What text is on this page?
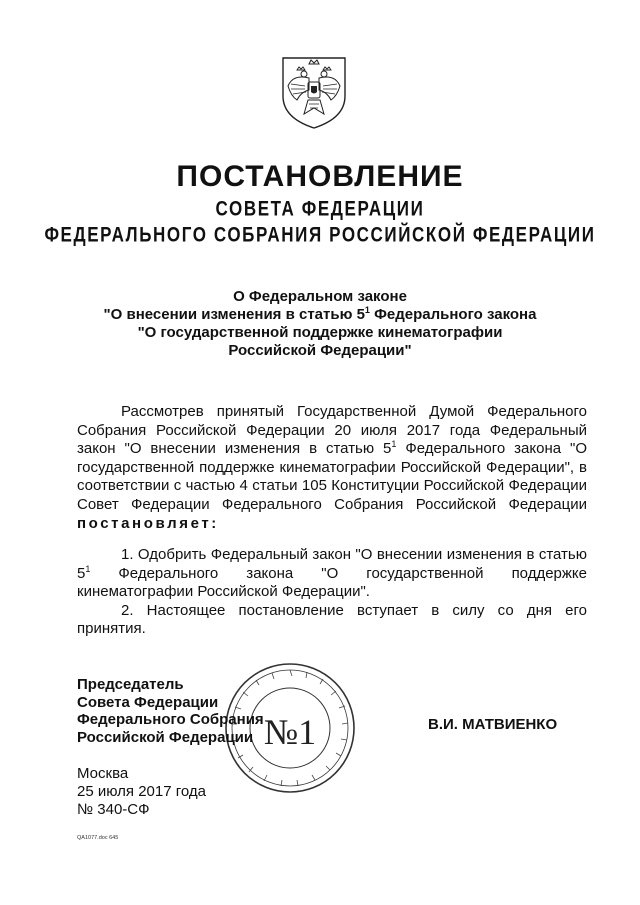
ПОСТАНОВЛЕНИЕ
СОВЕТА ФЕДЕРАЦИИ
ФЕДЕРАЛЬНОГО СОБРАНИЯ РОССИЙСКОЙ ФЕДЕРАЦИИ
О Федеральном законе
"О внесении изменения в статью $5^1$ Федерального закона
"О государственной поддержке кинематографии
Российской Федерации"

Рассмотрев принятый Государственной Думой Федерального Собрания Российской Федерации 20 июля 2017 года Федеральный закон "О внесении изменения в статью $5^1$ Федерального закона "О государственной поддержке кинематографии Российской Федерации", в соответствии с частью 4 статьи 105 Конституции Российской Федерации Совет Федерации Федерального Собрания Российской Федерации постановляет:

1. Одобрить Федеральный закон "О внесении изменения в статью $5^1$ Федерального закона "О государственной поддержке кинематографии Российской Федерации".

2. Настоящее постановление вступает в силу со дня его принятия.

№1
Председатель
Совета Федерации
Федерального Собрания
Российской Федерации
В.И. МАТВИЕНКО
Москва
25 июля 2017 года
№ 340-СФ
QA1077.doc 645
